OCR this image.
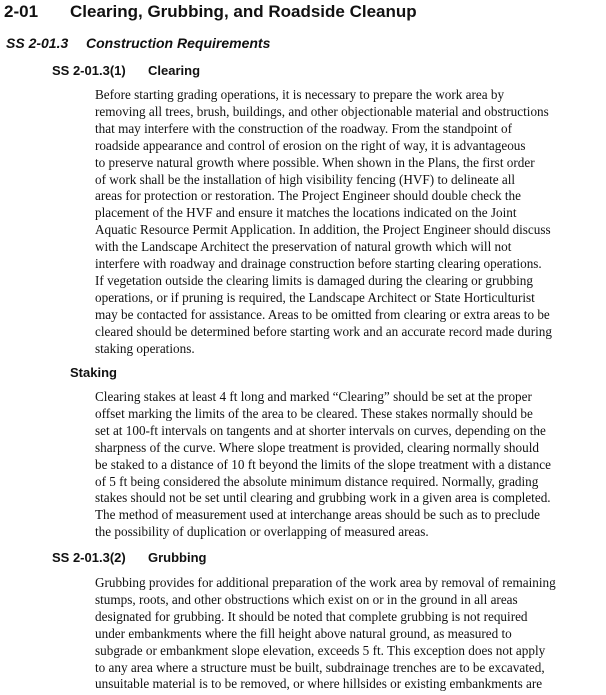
2-01 Clearing, Grubbing, and Roadside Cleanup
SS 2-01.3 Construction Requirements
SS 2-01.3(1) Clearing
Before starting grading operations, it is necessary to prepare the work area by
removing all trees, brush, buildings, and other objectionable material and obstructions
that may interfere with the construction of the roadway. From the standpoint of
roadside appearance and control of erosion on the right of way, it is advantageous
to preserve natural growth where possible. When shown in the Plans, the first order
of work shall be the installation of high visibility fencing (HVF) to delineate all
areas for protection or restoration. The Project Engineer should double check the
placement of the HVF and ensure it matches the locations indicated on the Joint
Aquatic Resource Permit Application. In addition, the Project Engineer should discuss
with the Landscape Architect the preservation of natural growth which will not
interfere with roadway and drainage construction before starting clearing operations.
If vegetation outside the clearing limits is damaged during the clearing or grubbing
operations, or if pruning is required, the Landscape Architect or State Horticulturist
may be contacted for assistance. Areas to be omitted from clearing or extra areas to be
cleared should be determined before starting work and an accurate record made during
staking operations.
Staking
Clearing stakes at least 4 ft long and marked “Clearing” should be set at the proper
offset marking the limits of the area to be cleared. These stakes normally should be
set at 100-ft intervals on tangents and at shorter intervals on curves, depending on the
sharpness of the curve. Where slope treatment is provided, clearing normally should
be staked to a distance of 10 ft beyond the limits of the slope treatment with a distance
of 5 ft being considered the absolute minimum distance required. Normally, grading
stakes should not be set until clearing and grubbing work in a given area is completed.
The method of measurement used at interchange areas should be such as to preclude
the possibility of duplication or overlapping of measured areas.
SS 2-01.3(2) Grubbing
Grubbing provides for additional preparation of the work area by removal of remaining
stumps, roots, and other obstructions which exist on or in the ground in all areas
designated for grubbing. It should be noted that complete grubbing is not required
under embankments where the fill height above natural ground, as measured to
subgrade or embankment slope elevation, exceeds 5 ft. This exception does not apply
to any area where a structure must be built, subdrainage trenches are to be excavated,
unsuitable material is to be removed, or where hillsides or existing embankments are
